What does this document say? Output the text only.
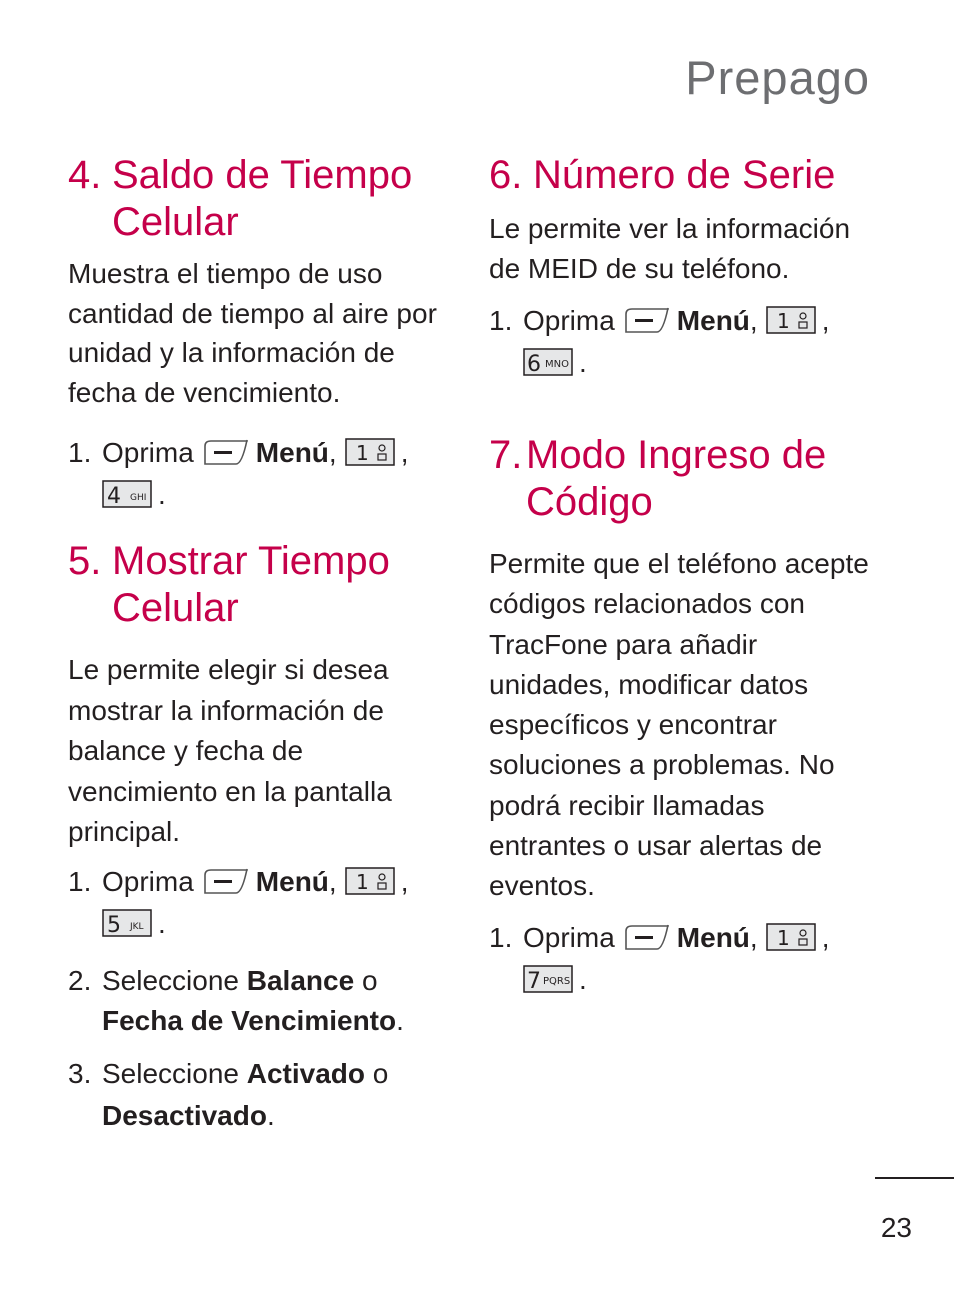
Prepago
4. Saldo de Tiempo Celular

Muestra el tiempo de uso cantidad de tiempo al aire por unidad y la información de fecha de vencimiento.

1. Oprima Menú, 1 ,
4 GHI .
5. Mostrar Tiempo Celular

Le permite elegir si desea mostrar la información de balance y fecha de vencimiento en la pantalla principal.

1. Oprima Menú, 1 ,
5 JKL .
2. Seleccione Balance o Fecha de Vencimiento.
3. Seleccione Activado o Desactivado.
6. Número de Serie

Le permite ver la información de MEID de su teléfono.

1. Oprima Menú, 1 ,
6 MNO .
7. Modo Ingreso de Código

Permite que el teléfono acepte códigos relacionados con TracFone para añadir unidades, modificar datos específicos y encontrar soluciones a problemas. No podrá recibir llamadas entrantes o usar alertas de eventos.

1. Oprima Menú, 1 ,
7 PQRS .
23
